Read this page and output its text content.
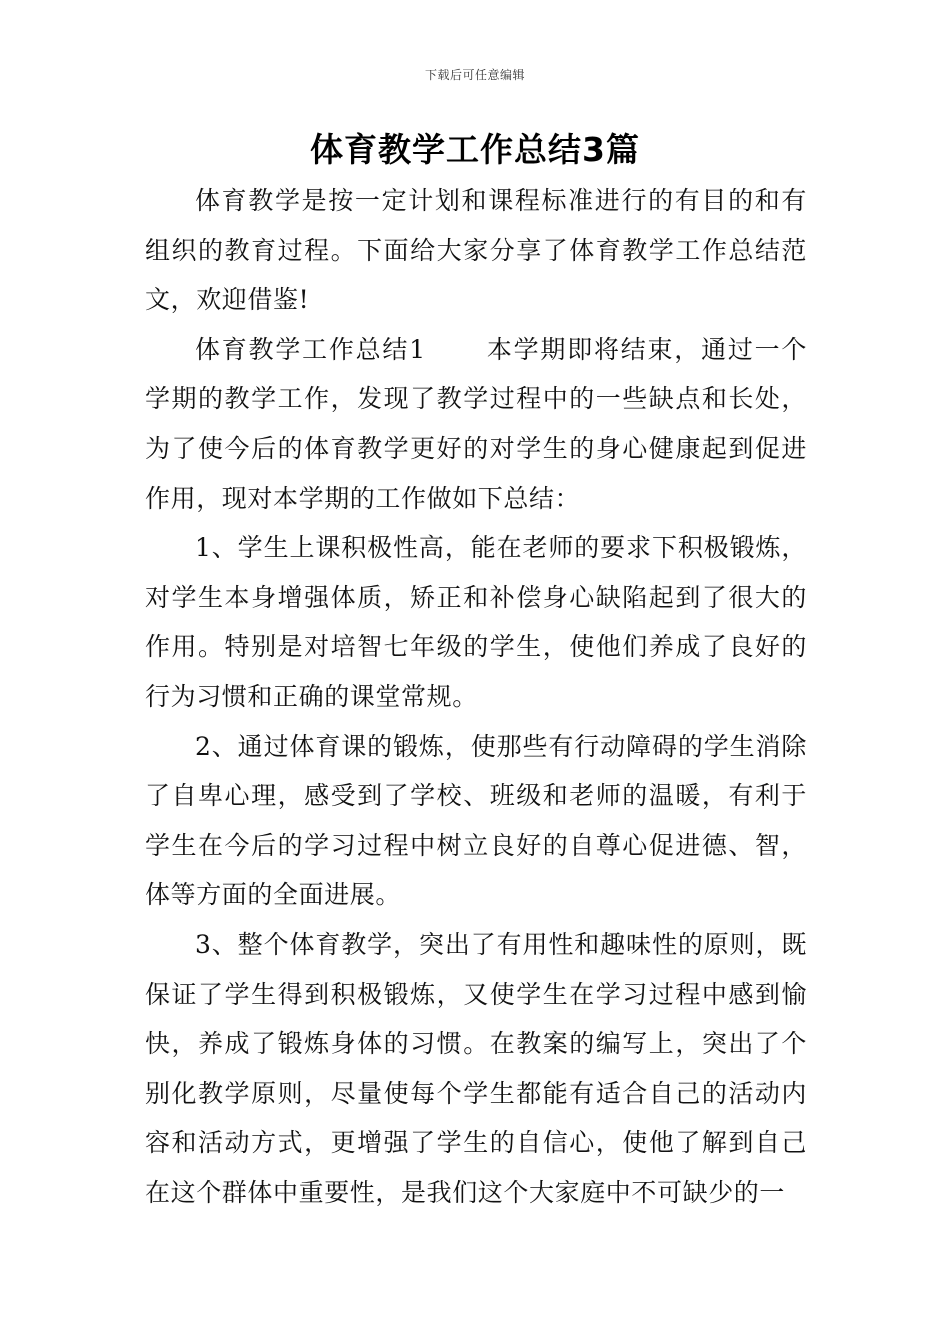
下载后可任意编辑
体育教学工作总结3篇

体育教学是按一定计划和课程标准进行的有目的和有组织的教育过程。下面给大家分享了体育教学工作总结范文，欢迎借鉴!

体育教学工作总结1 本学期即将结束，通过一个学期的教学工作，发现了教学过程中的一些缺点和长处，为了使今后的体育教学更好的对学生的身心健康起到促进作用，现对本学期的工作做如下总结：

1、学生上课积极性高，能在老师的要求下积极锻炼，对学生本身增强体质，矫正和补偿身心缺陷起到了很大的作用。特别是对培智七年级的学生，使他们养成了良好的行为习惯和正确的课堂常规。

2、通过体育课的锻炼，使那些有行动障碍的学生消除了自卑心理，感受到了学校、班级和老师的温暖，有利于学生在今后的学习过程中树立良好的自尊心促进德、智，体等方面的全面进展。

3、整个体育教学，突出了有用性和趣味性的原则，既保证了学生得到积极锻炼，又使学生在学习过程中感到愉快，养成了锻炼身体的习惯。在教案的编写上，突出了个别化教学原则，尽量使每个学生都能有适合自己的活动内容和活动方式，更增强了学生的自信心，使他了解到自己在这个群体中重要性，是我们这个大家庭中不可缺少的一
